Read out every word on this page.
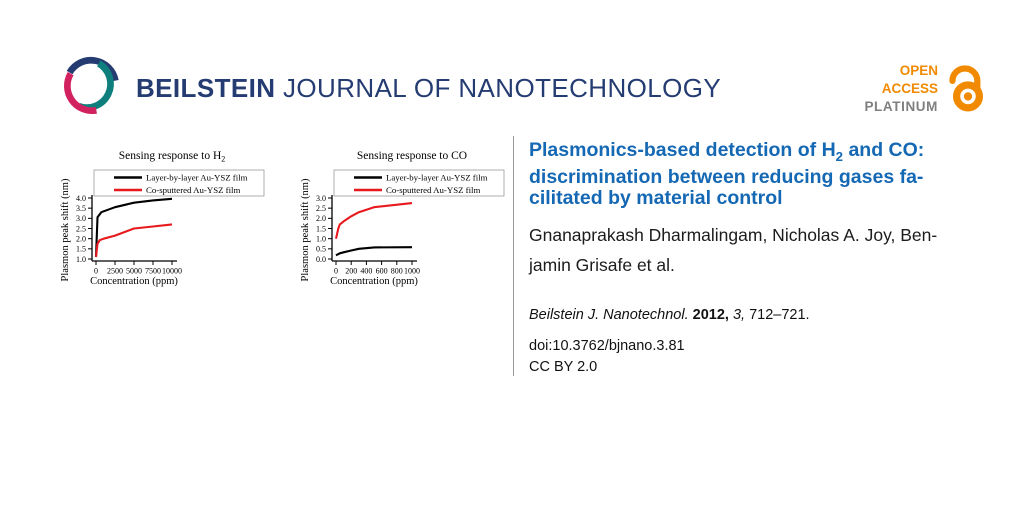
BEILSTEIN JOURNAL OF NANOTECHNOLOGY
OPEN
ACCESS
PLATINUM
1.0
1.5
2.0
2.5
3.0
3.5
4.0
0 2500 5000 7500 10000
Layer-by-layer Au-YSZ film
Co-sputtered Au-YSZ film
Sensing response to $H_2$
Concentration (ppm)
Plasmon peak shift (nm)	0.0
0.5
1.0
1.5
2.0
2.5
3.0
0 200 400 600 800 1000
Layer-by-layer Au-YSZ film
Co-sputtered Au-YSZ film
Sensing response to CO
Concentration (ppm)
Plasmon peak shift (nm)
Plasmonics-based detection of $H_2$ and CO:
discrimination between reducing gases fa-
cilitated by material control

Gnanaprakash Dharmalingam, Nicholas A. Joy, Ben-
jamin Grisafe et al.

Beilstein J. Nanotechnol. 2012, 3, 712–721.

doi:10.3762/bjnano.3.81

CC BY 2.0
